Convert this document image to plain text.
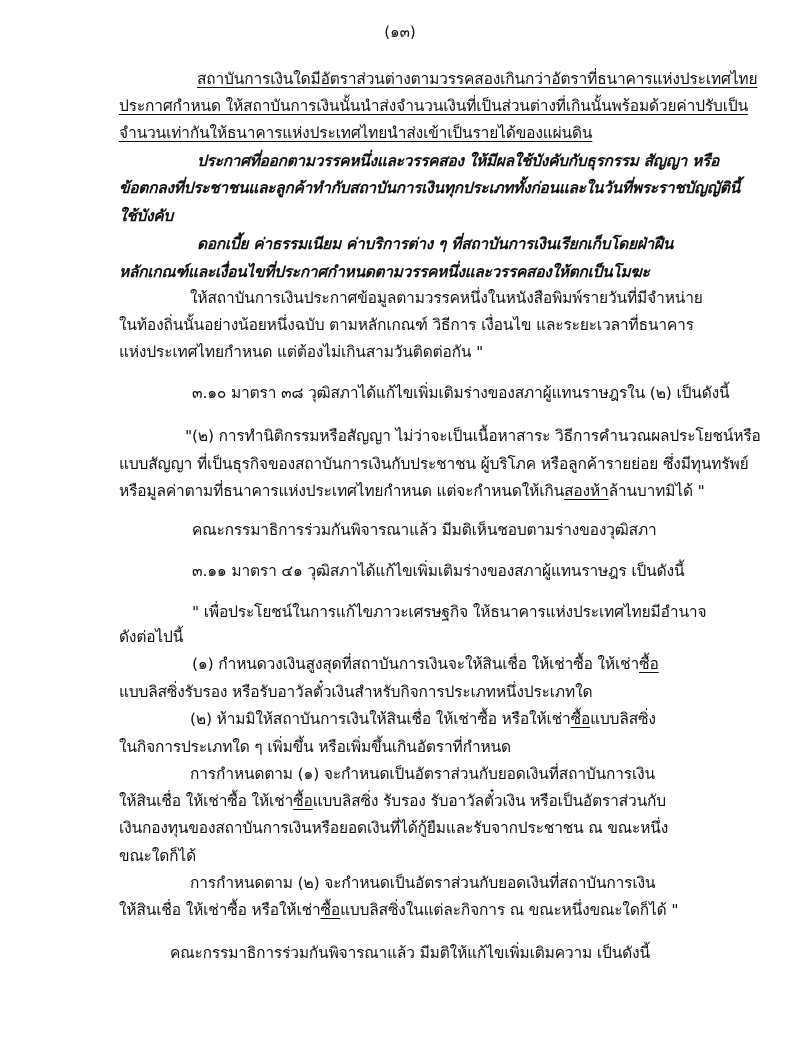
(๑๓)
สถาบันการเงินใดมีอัตราส่วนต่างตามวรรคสองเกินกว่าอัตราที่ธนาคารแห่งประเทศไทย
ประกาศกำหนด ให้สถาบันการเงินนั้นนำส่งจำนวนเงินที่เป็นส่วนต่างที่เกินนั้นพร้อมด้วยค่าปรับเป็น
จำนวนเท่ากันให้ธนาคารแห่งประเทศไทยนำส่งเข้าเป็นรายได้ของแผ่นดิน
ประกาศที่ออกตามวรรคหนึ่งและวรรคสอง ให้มีผลใช้บังคับกับธุรกรรม สัญญา หรือ
ข้อตกลงที่ประชาชนและลูกค้าทำกับสถาบันการเงินทุกประเภททั้งก่อนและในวันที่พระราชบัญญัตินี้
ใช้บังคับ
ดอกเบี้ย ค่าธรรมเนียม ค่าบริการต่าง ๆ ที่สถาบันการเงินเรียกเก็บโดยฝ่าฝืน
หลักเกณฑ์และเงื่อนไขที่ประกาศกำหนดตามวรรคหนึ่งและวรรคสองให้ตกเป็นโมฆะ
ให้สถาบันการเงินประกาศข้อมูลตามวรรคหนึ่งในหนังสือพิมพ์รายวันที่มีจำหน่าย
ในท้องถิ่นนั้นอย่างน้อยหนึ่งฉบับ ตามหลักเกณฑ์ วิธีการ เงื่อนไข และระยะเวลาที่ธนาคาร
แห่งประเทศไทยกำหนด แต่ต้องไม่เกินสามวันติดต่อกัน "
๓.๑๐ มาตรา ๓๘ วุฒิสภาได้แก้ไขเพิ่มเติมร่างของสภาผู้แทนราษฎรใน (๒) เป็นดังนี้
"(๒) การทำนิติกรรมหรือสัญญา ไม่ว่าจะเป็นเนื้อหาสาระ วิธีการคำนวณผลประโยชน์หรือ
แบบสัญญา ที่เป็นธุรกิจของสถาบันการเงินกับประชาชน ผู้บริโภค หรือลูกค้ารายย่อย ซึ่งมีทุนทรัพย์
หรือมูลค่าตามที่ธนาคารแห่งประเทศไทยกำหนด แต่จะกำหนดให้เกินสองห้าล้านบาทมิได้ "
คณะกรรมาธิการร่วมกันพิจารณาแล้ว มีมติเห็นชอบตามร่างของวุฒิสภา
๓.๑๑ มาตรา ๔๑ วุฒิสภาได้แก้ไขเพิ่มเติมร่างของสภาผู้แทนราษฎร เป็นดังนี้
" เพื่อประโยชน์ในการแก้ไขภาวะเศรษฐกิจ ให้ธนาคารแห่งประเทศไทยมีอำนาจ
ดังต่อไปนี้
(๑) กำหนดวงเงินสูงสุดที่สถาบันการเงินจะให้สินเชื่อ ให้เช่าซื้อ ให้เช่าซื้อ
แบบลิสซิ่งรับรอง หรือรับอาวัลตั๋วเงินสำหรับกิจการประเภทหนึ่งประเภทใด
(๒) ห้ามมิให้สถาบันการเงินให้สินเชื่อ ให้เช่าซื้อ หรือให้เช่าซื้อแบบลิสซิ่ง
ในกิจการประเภทใด ๆ เพิ่มขึ้น หรือเพิ่มขึ้นเกินอัตราที่กำหนด
การกำหนดตาม (๑) จะกำหนดเป็นอัตราส่วนกับยอดเงินที่สถาบันการเงิน
ให้สินเชื่อ ให้เช่าซื้อ ให้เช่าซื้อแบบลิสซิ่ง รับรอง รับอาวัลตั๋วเงิน หรือเป็นอัตราส่วนกับ
เงินกองทุนของสถาบันการเงินหรือยอดเงินที่ได้กู้ยืมและรับจากประชาชน ณ ขณะหนึ่ง
ขณะใดก็ได้
การกำหนดตาม (๒) จะกำหนดเป็นอัตราส่วนกับยอดเงินที่สถาบันการเงิน
ให้สินเชื่อ ให้เช่าซื้อ หรือให้เช่าซื้อแบบลิสซิ่งในแต่ละกิจการ ณ ขณะหนึ่งขณะใดก็ได้ "
คณะกรรมาธิการร่วมกันพิจารณาแล้ว มีมติให้แก้ไขเพิ่มเติมความ เป็นดังนี้
